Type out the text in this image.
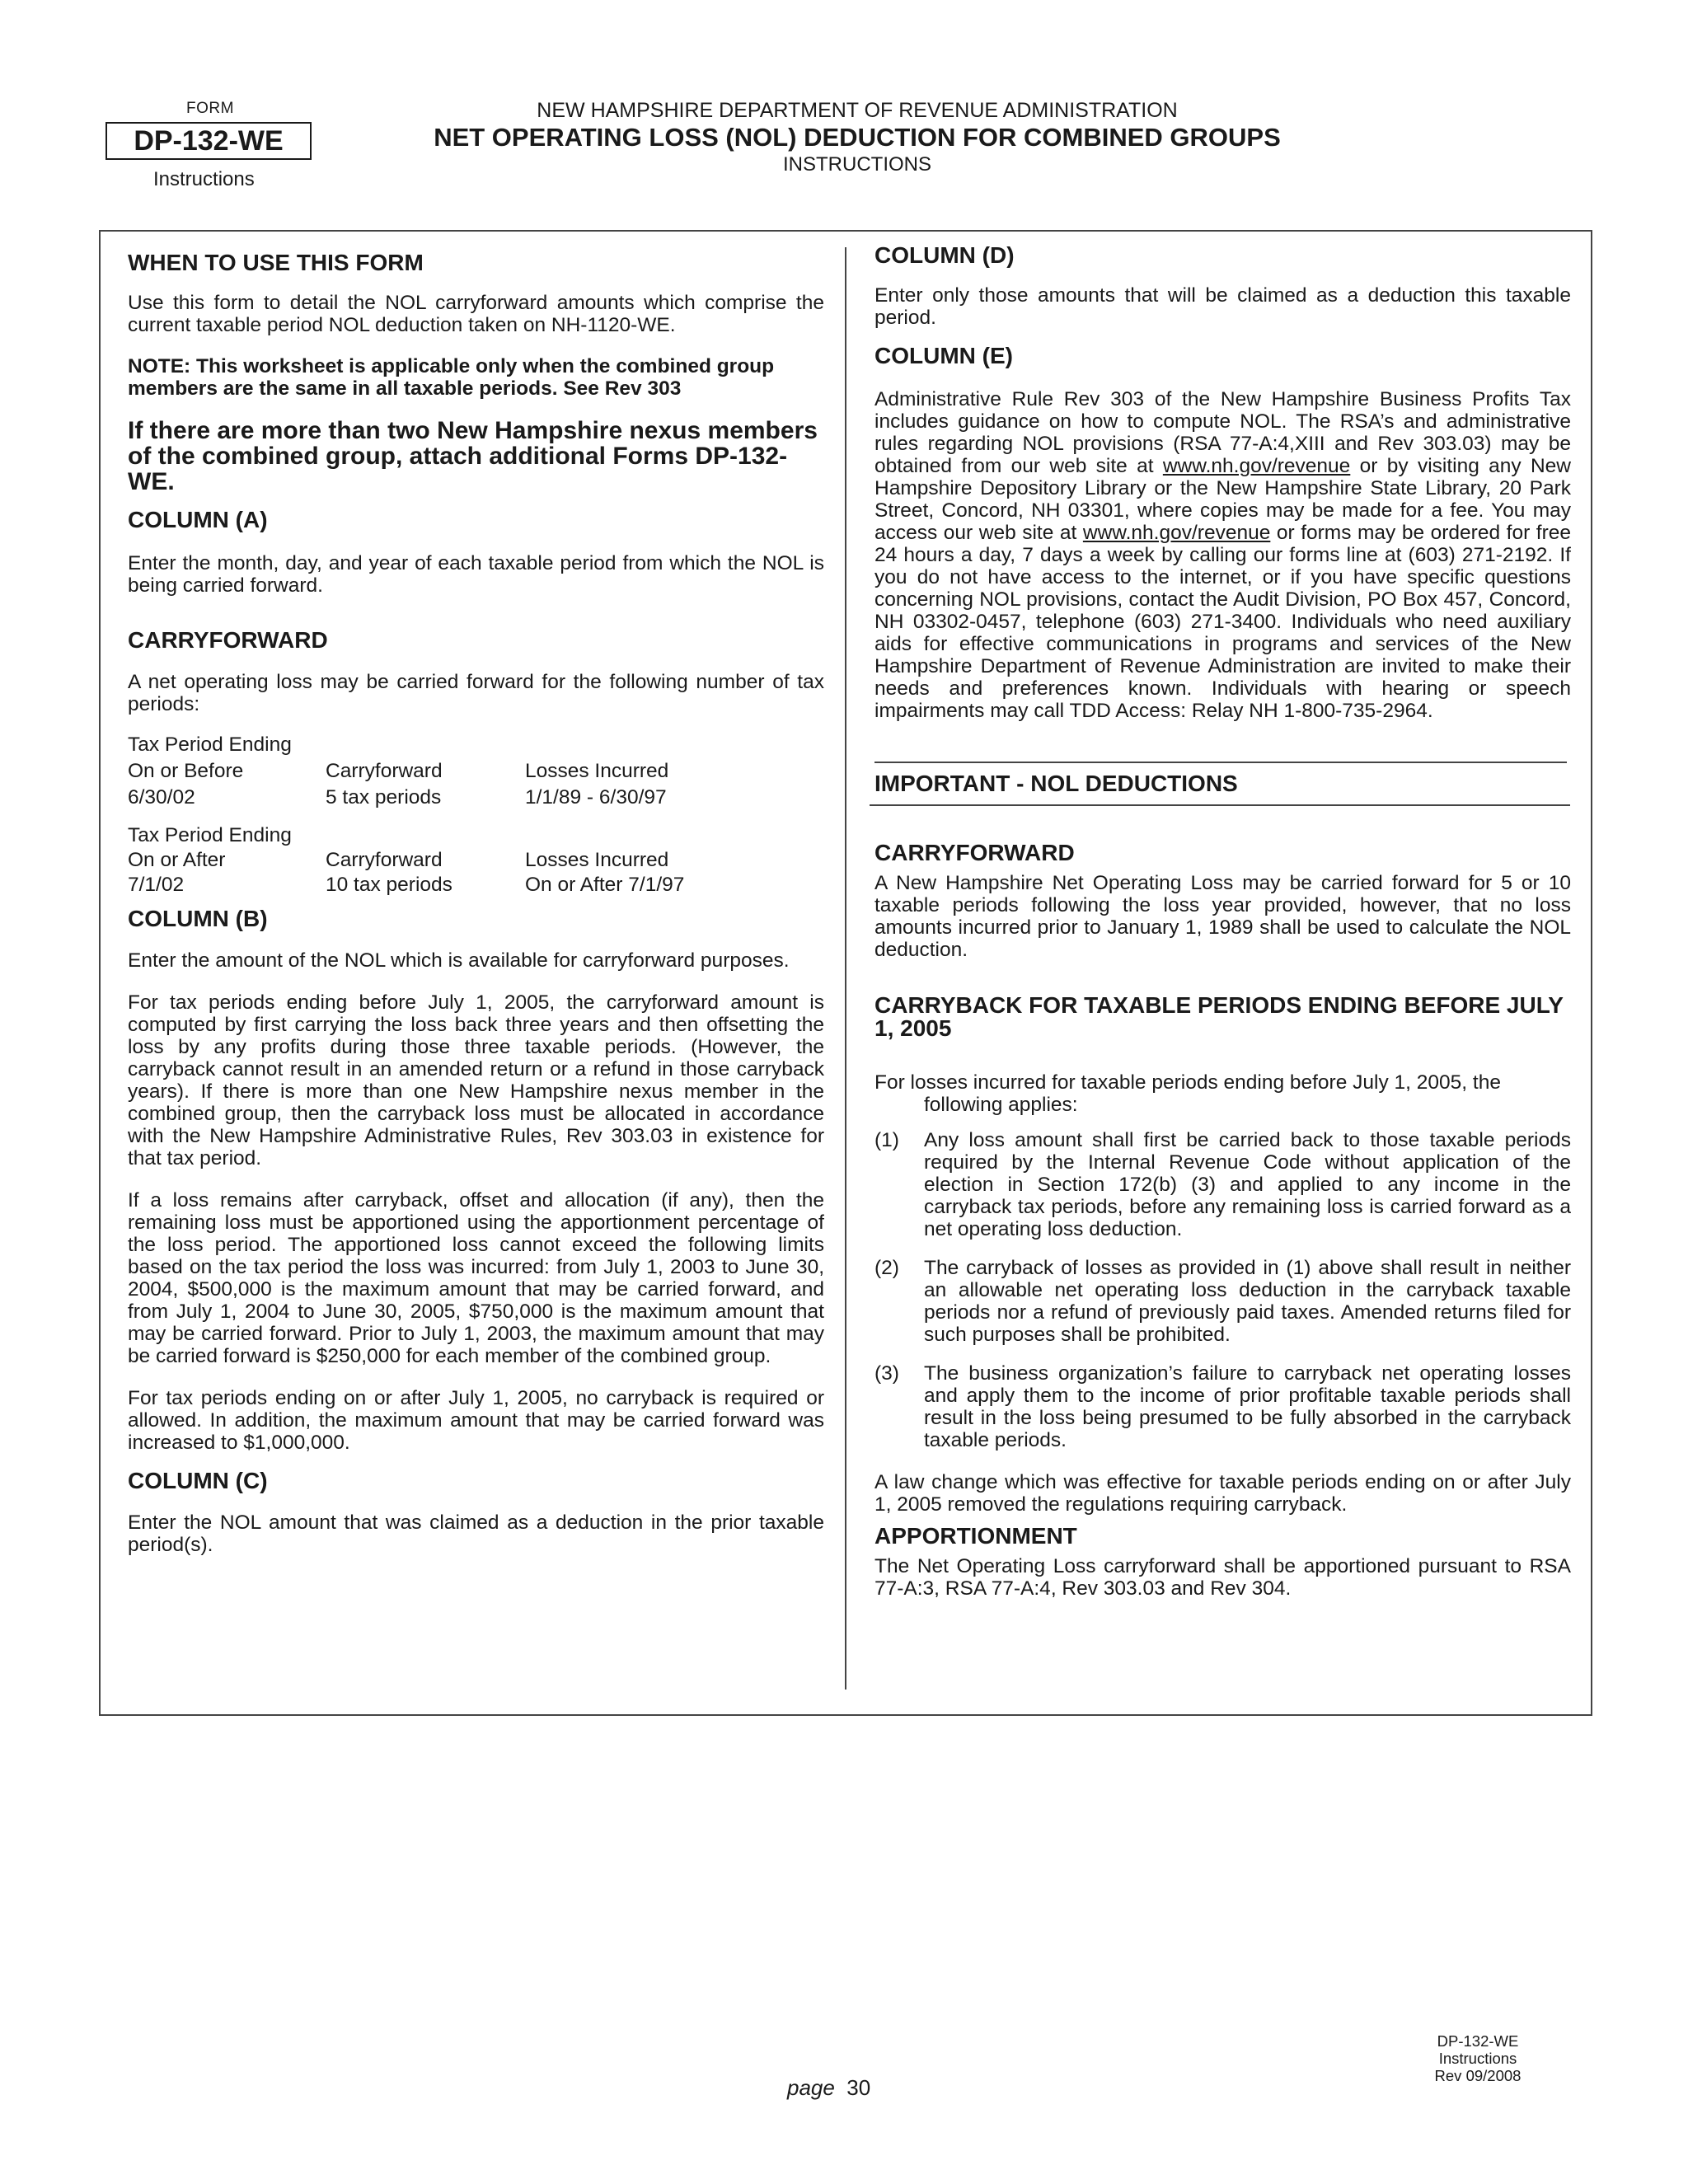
FORM
DP-132-WE
Instructions
NEW HAMPSHIRE DEPARTMENT OF REVENUE ADMINISTRATION
NET OPERATING LOSS (NOL) DEDUCTION FOR COMBINED GROUPS
INSTRUCTIONS
WHEN TO USE THIS FORM

Use this form to detail the NOL carryforward amounts which comprise the current taxable period NOL deduction taken on NH-1120-WE.

NOTE: This worksheet is applicable only when the combined group members are the same in all taxable periods. See Rev 303

If there are more than two New Hampshire nexus members of the combined group, attach additional Forms DP-132-WE.

COLUMN (A)

Enter the month, day, and year of each taxable period from which the NOL is being carried forward.

CARRYFORWARD

A net operating loss may be carried forward for the following number of tax periods:

Tax Period Ending
On or Before	Carryforward	Losses Incurred
6/30/02	5 tax periods	1/1/89 - 6/30/97
Tax Period Ending
On or After	Carryforward	Losses Incurred
7/1/02	10 tax periods	On or After 7/1/97
COLUMN (B)

Enter the amount of the NOL which is available for carryforward purposes.

For tax periods ending before July 1, 2005, the carryforward amount is computed by first carrying the loss back three years and then offsetting the loss by any profits during those three taxable periods. (However, the carryback cannot result in an amended return or a refund in those carryback years). If there is more than one New Hampshire nexus member in the combined group, then the carryback loss must be allocated in accordance with the New Hampshire Administrative Rules, Rev 303.03 in existence for that tax period.

If a loss remains after carryback, offset and allocation (if any), then the remaining loss must be apportioned using the apportionment percentage of the loss period. The apportioned loss cannot exceed the following limits based on the tax period the loss was incurred: from July 1, 2003 to June 30, 2004, $500,000 is the maximum amount that may be carried forward, and from July 1, 2004 to June 30, 2005, $750,000 is the maximum amount that may be carried forward. Prior to July 1, 2003, the maximum amount that may be carried forward is $250,000 for each member of the combined group.

For tax periods ending on or after July 1, 2005, no carryback is required or allowed. In addition, the maximum amount that may be carried forward was increased to $1,000,000.

COLUMN (C)

Enter the NOL amount that was claimed as a deduction in the prior taxable period(s).

COLUMN (D)

Enter only those amounts that will be claimed as a deduction this taxable period.

COLUMN (E)

Administrative Rule Rev 303 of the New Hampshire Business Profits Tax includes guidance on how to compute NOL. The RSA’s and administrative rules regarding NOL provisions (RSA 77-A:4,XIII and Rev 303.03) may be obtained from our web site at www.nh.gov/revenue or by visiting any New Hampshire Depository Library or the New Hampshire State Library, 20 Park Street, Concord, NH 03301, where copies may be made for a fee. You may access our web site at www.nh.gov/revenue or forms may be ordered for free 24 hours a day, 7 days a week by calling our forms line at (603) 271-2192. If you do not have access to the internet, or if you have specific questions concerning NOL provisions, contact the Audit Division, PO Box 457, Concord, NH 03302-0457, telephone (603) 271-3400. Individuals who need auxiliary aids for effective communications in programs and services of the New Hampshire Department of Revenue Administration are invited to make their needs and preferences known. Individuals with hearing or speech impairments may call TDD Access: Relay NH 1-800-735-2964.

IMPORTANT - NOL DEDUCTIONS
CARRYFORWARD

A New Hampshire Net Operating Loss may be carried forward for 5 or 10 taxable periods following the loss year provided, however, that no loss amounts incurred prior to January 1, 1989 shall be used to calculate the NOL deduction.

CARRYBACK FOR TAXABLE PERIODS ENDING BEFORE JULY 1, 2005

For losses incurred for taxable periods ending before July 1, 2005, the following applies:

(1)	Any loss amount shall first be carried back to those taxable periods required by the Internal Revenue Code without application of the election in Section 172(b) (3) and applied to any income in the carryback tax periods, before any remaining loss is carried forward as a net operating loss deduction.
(2)	The carryback of losses as provided in (1) above shall result in neither an allowable net operating loss deduction in the carryback taxable periods nor a refund of previously paid taxes. Amended returns filed for such purposes shall be prohibited.
(3)	The business organization’s failure to carryback net operating losses and apply them to the income of prior profitable taxable periods shall result in the loss being presumed to be fully absorbed in the carryback taxable periods.

A law change which was effective for taxable periods ending on or after July 1, 2005 removed the regulations requiring carryback.

APPORTIONMENT

The Net Operating Loss carryforward shall be apportioned pursuant to RSA 77-A:3, RSA 77-A:4, Rev 303.03 and Rev 304.

page 30
DP-132-WE
Instructions
Rev 09/2008
